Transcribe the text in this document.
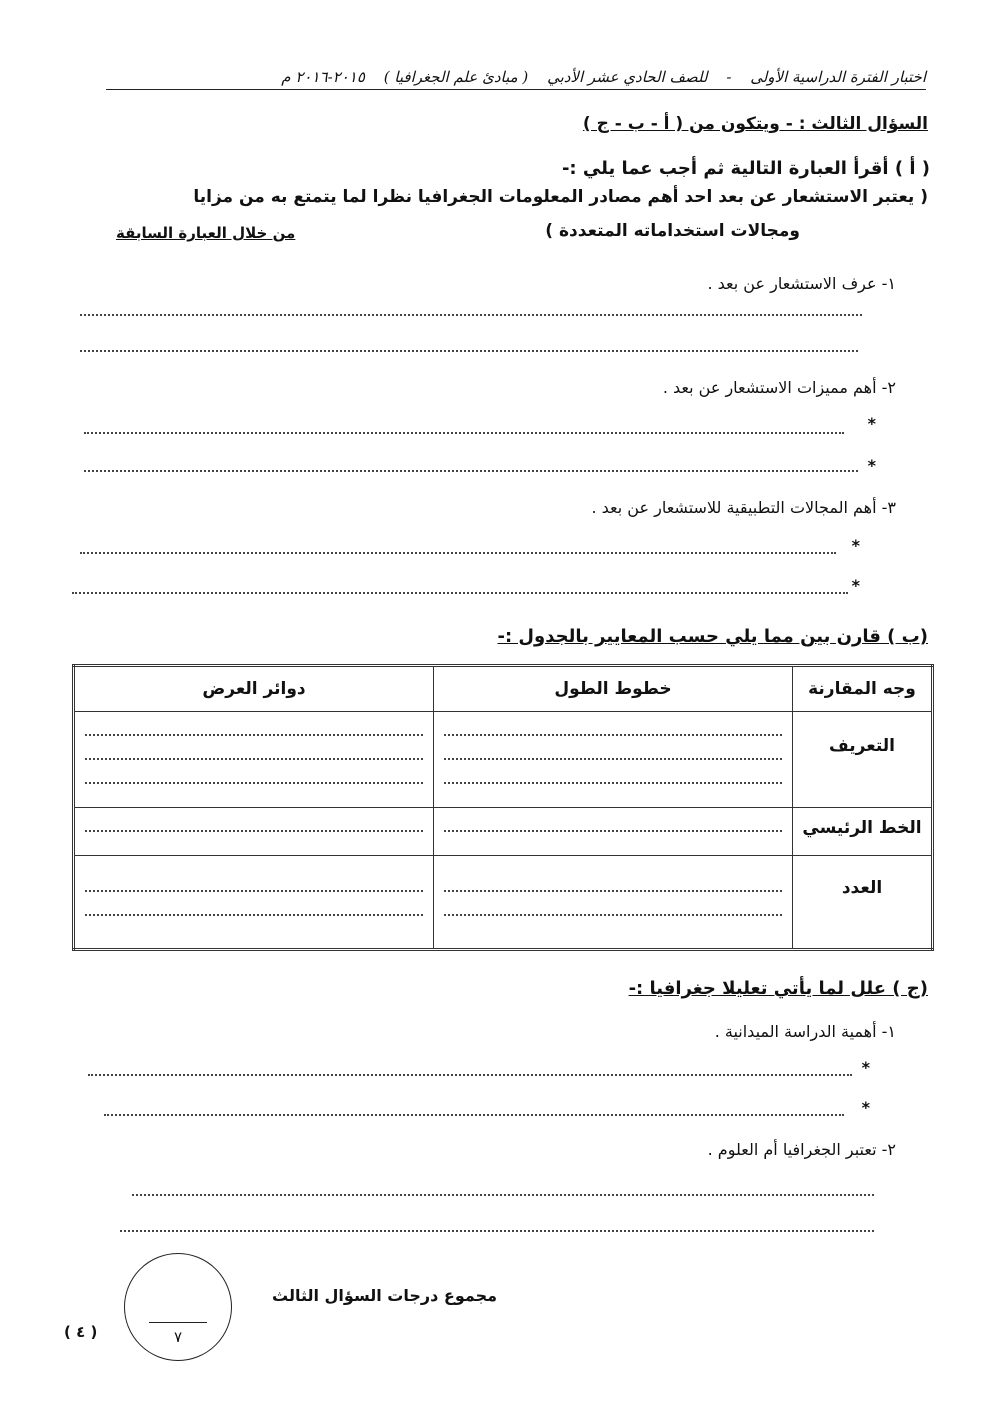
اختبار الفترة الدراسية الأولى - للصف الحادي عشر الأدبي ( مبادئ علم الجغرافيا ) ٢٠١٥-٢٠١٦ م
السؤال الثالث : - ويتكون من ( أ - ب - ج )
( أ ) أقرأ العبارة التالية ثم أجب عما يلي :-
( يعتبر الاستشعار عن بعد احد أهم مصادر المعلومات الجغرافيا نظرا لما يتمتع به من مزايا
ومجالات استخداماته المتعددة )
من خلال العبارة السابقة
١- عرف الاستشعار عن بعد .
٢- أهم مميزات الاستشعار عن بعد .
*
*
٣- أهم المجالات التطبيقية للاستشعار عن بعد .
*
*
(ب ) قارن بين مما يلي حسب المعايير بالجدول :-
وجه المقارنة	خطوط الطول	دوائر العرض
التعريف	

الخط الرئيسي	

العدد	

(ج ) علل لما يأتي تعليلا جغرافيا :-
١- أهمية الدراسة الميدانية .
*
*
٢- تعتبر الجغرافيا أم العلوم .
مجموع درجات السؤال الثالث
٧
( ٤ )
